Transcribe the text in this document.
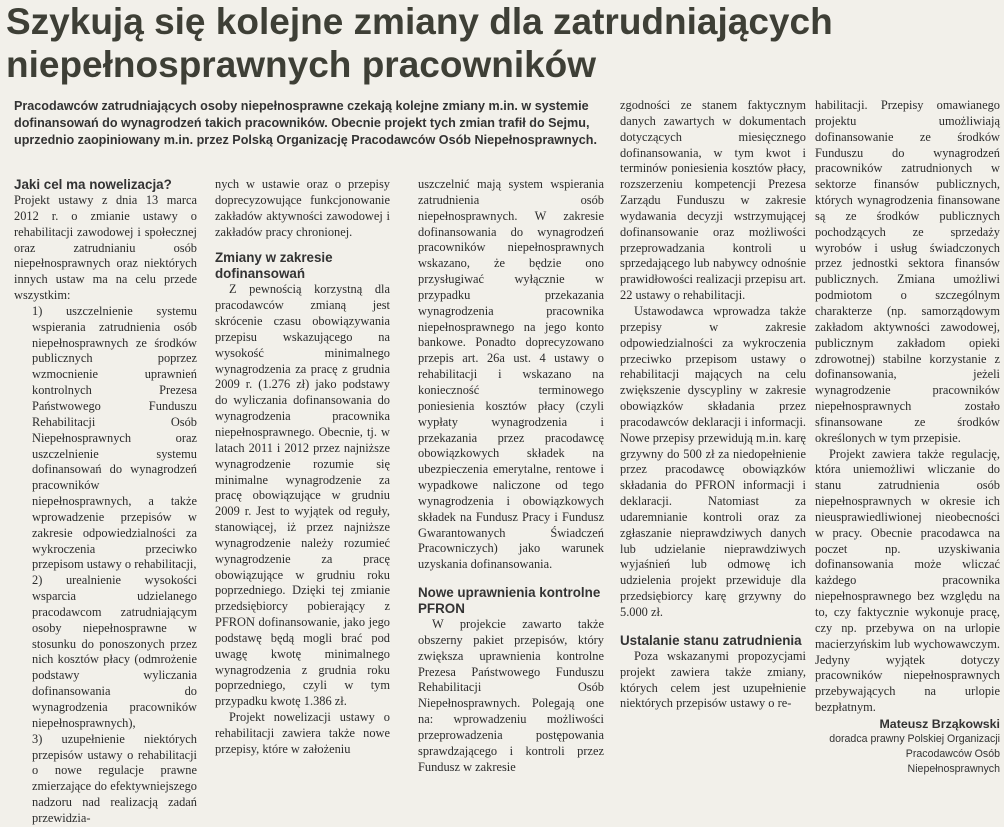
Szykują się kolejne zmiany dla zatrudniających niepełnosprawnych pracowników

Pracodawców zatrudniających osoby niepełnosprawne czekają kolejne zmiany m.in. w systemie dofinansowań do wynagrodzeń takich pracowników. Obecnie projekt tych zmian trafił do Sejmu, uprzednio zaopiniowany m.in. przez Polską Organizację Pracodawców Osób Niepełnosprawnych.

Jaki cel ma nowelizacja?

Projekt ustawy z dnia 13 marca 2012 r. o zmianie ustawy o rehabilitacji zawodowej i społecznej oraz zatrudnianiu osób niepełnosprawnych oraz niektórych innych ustaw ma na celu przede wszystkim:

1) uszczelnienie systemu wspierania zatrudnienia osób niepełnosprawnych ze środków publicznych poprzez wzmocnienie uprawnień kontrolnych Prezesa Państwowego Funduszu Rehabilitacji Osób Niepełnosprawnych oraz uszczelnienie systemu dofinansowań do wynagrodzeń pracowników niepełnosprawnych, a także wprowadzenie przepisów w zakresie odpowiedzialności za wykroczenia przeciwko przepisom ustawy o rehabilitacji,

2) urealnienie wysokości wsparcia udzielanego pracodawcom zatrudniającym osoby niepełnosprawne w stosunku do ponoszonych przez nich kosztów płacy (odmrożenie podstawy wyliczania dofinansowania do wynagrodzenia pracowników niepełnosprawnych),

3) uzupełnienie niektórych przepisów ustawy o rehabilitacji o nowe regulacje prawne zmierzające do efektywniejszego nadzoru nad realizacją zadań przewidzia-

nych w ustawie oraz o przepisy doprecyzowujące funkcjonowanie zakładów aktywności zawodowej i zakładów pracy chronionej.

Zmiany w zakresie dofinansowań

Z pewnością korzystną dla pracodawców zmianą jest skrócenie czasu obowiązywania przepisu wskazującego na wysokość minimalnego wynagrodzenia za pracę z grudnia 2009 r. (1.276 zł) jako podstawy do wyliczania dofinansowania do wynagrodzenia pracownika niepełnosprawnego. Obecnie, tj. w latach 2011 i 2012 przez najniższe wynagrodzenie rozumie się minimalne wynagrodzenie za pracę obowiązujące w grudniu 2009 r. Jest to wyjątek od reguły, stanowiącej, iż przez najniższe wynagrodzenie należy rozumieć wynagrodzenie za pracę obowiązujące w grudniu roku poprzedniego. Dzięki tej zmianie przedsiębiorcy pobierający z PFRON dofinansowanie, jako jego podstawę będą mogli brać pod uwagę kwotę minimalnego wynagrodzenia z grudnia roku poprzedniego, czyli w tym przypadku kwotę 1.386 zł.

Projekt nowelizacji ustawy o rehabilitacji zawiera także nowe przepisy, które w założeniu

uszczelnić mają system wspierania zatrudnienia osób niepełnosprawnych. W zakresie dofinansowania do wynagrodzeń pracowników niepełnosprawnych wskazano, że będzie ono przysługiwać wyłącznie w przypadku przekazania wynagrodzenia pracownika niepełnosprawnego na jego konto bankowe. Ponadto doprecyzowano przepis art. 26a ust. 4 ustawy o rehabilitacji i wskazano na konieczność terminowego poniesienia kosztów płacy (czyli wypłaty wynagrodzenia i przekazania przez pracodawcę obowiązkowych składek na ubezpieczenia emerytalne, rentowe i wypadkowe naliczone od tego wynagrodzenia i obowiązkowych składek na Fundusz Pracy i Fundusz Gwarantowanych Świadczeń Pracowniczych) jako warunek uzyskania dofinansowania.

Nowe uprawnienia kontrolne PFRON

W projekcie zawarto także obszerny pakiet przepisów, który zwiększa uprawnienia kontrolne Prezesa Państwowego Funduszu Rehabilitacji Osób Niepełnosprawnych. Polegają one na: wprowadzeniu możliwości przeprowadzenia postępowania sprawdzającego i kontroli przez Fundusz w zakresie

zgodności ze stanem faktycznym danych zawartych w dokumentach dotyczących miesięcznego dofinansowania, w tym kwot i terminów poniesienia kosztów płacy, rozszerzeniu kompetencji Prezesa Zarządu Funduszu w zakresie wydawania decyzji wstrzymującej dofinansowanie oraz możliwości przeprowadzania kontroli u sprzedającego lub nabywcy odnośnie prawidłowości realizacji przepisu art. 22 ustawy o rehabilitacji.

Ustawodawca wprowadza także przepisy w zakresie odpowiedzialności za wykroczenia przeciwko przepisom ustawy o rehabilitacji mających na celu zwiększenie dyscypliny w zakresie obowiązków składania przez pracodawców deklaracji i informacji. Nowe przepisy przewidują m.in. karę grzywny do 500 zł za niedopełnienie przez pracodawcę obowiązków składania do PFRON informacji i deklaracji. Natomiast za udaremnianie kontroli oraz za zgłaszanie nieprawdziwych danych lub udzielanie nieprawdziwych wyjaśnień lub odmowę ich udzielenia projekt przewiduje dla przedsiębiorcy karę grzywny do 5.000 zł.

Ustalanie stanu zatrudnienia

Poza wskazanymi propozycjami projekt zawiera także zmiany, których celem jest uzupełnienie niektórych przepisów ustawy o re-

habilitacji. Przepisy omawianego projektu umożliwiają dofinansowanie ze środków Funduszu do wynagrodzeń pracowników zatrudnionych w sektorze finansów publicznych, których wynagrodzenia finansowane są ze środków publicznych pochodzących ze sprzedaży wyrobów i usług świadczonych przez jednostki sektora finansów publicznych. Zmiana umożliwi podmiotom o szczególnym charakterze (np. samorządowym zakładom aktywności zawodowej, publicznym zakładom opieki zdrowotnej) stabilne korzystanie z dofinansowania, jeżeli wynagrodzenie pracowników niepełnosprawnych zostało sfinansowane ze środków określonych w tym przepisie.

Projekt zawiera także regulację, która uniemożliwi wliczanie do stanu zatrudnienia osób niepełnosprawnych w okresie ich nieusprawiedliwionej nieobecności w pracy. Obecnie pracodawca na poczet np. uzyskiwania dofinansowania może wliczać każdego pracownika niepełnosprawnego bez względu na to, czy faktycznie wykonuje pracę, czy np. przebywa on na urlopie macierzyńskim lub wychowawczym. Jedyny wyjątek dotyczy pracowników niepełnosprawnych przebywających na urlopie bezpłatnym.

Mateusz Brząkowski

doradca prawny Polskiej Organizacji

Pracodawców Osób Niepełnosprawnych
